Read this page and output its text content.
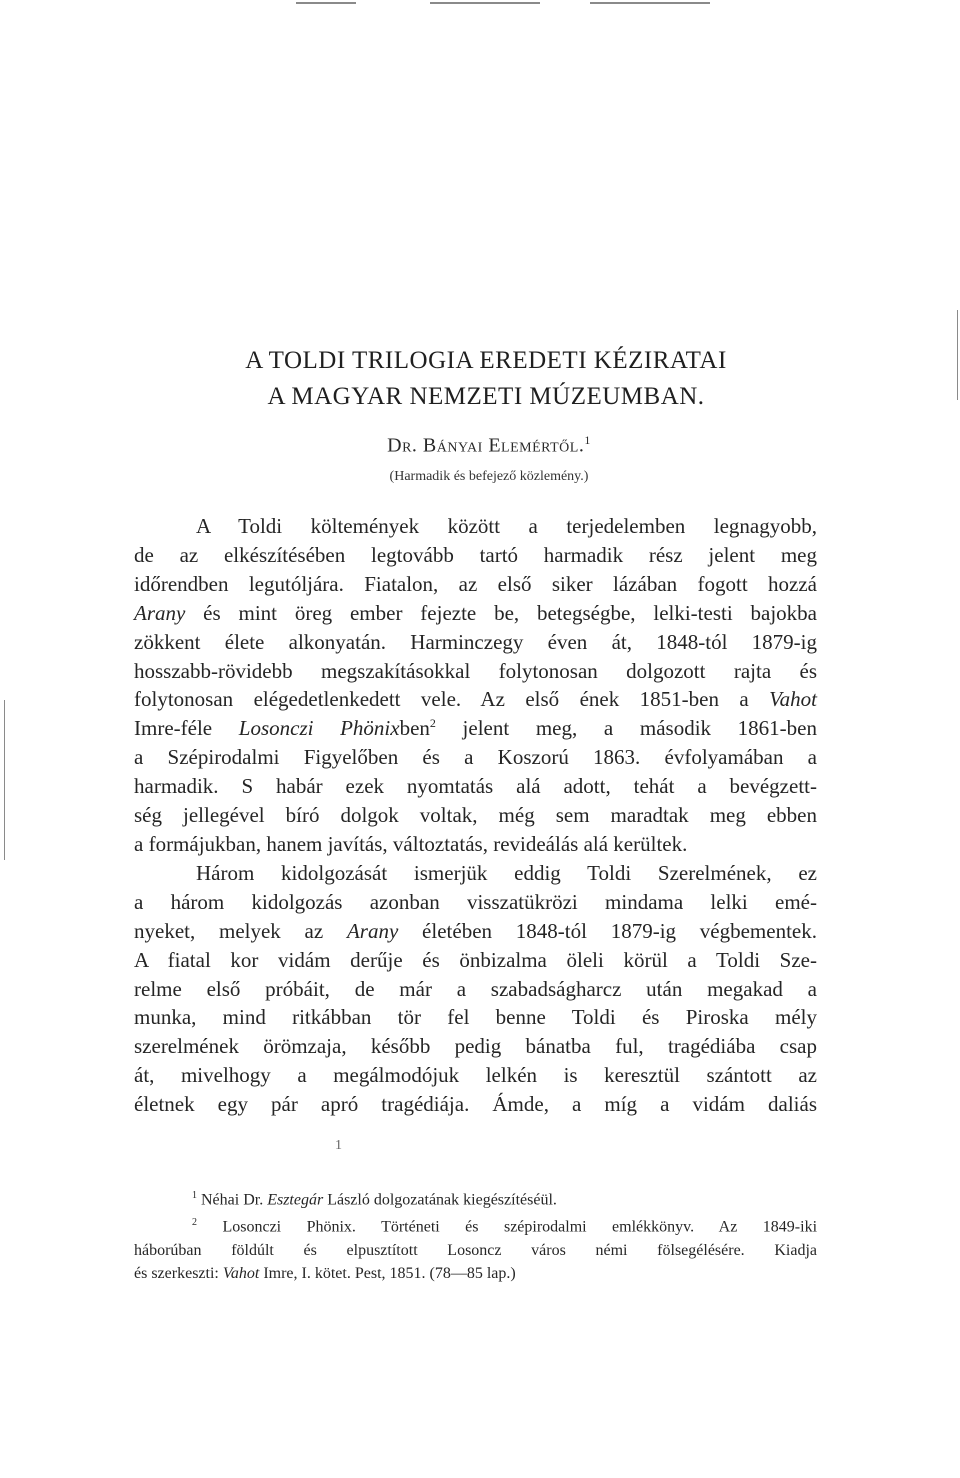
A TOLDI TRILOGIA EREDETI KÉZIRATAI
A MAGYAR NEMZETI MÚZEUMBAN.
Dr. Bányai Elemértől.$^1$
(Harmadik és befejező közlemény.)

A Toldi költemények között a terjedelemben legnagyobb,
de az elkészítésében legtovább tartó harmadik rész jelent meg
időrendben legutóljára. Fiatalon, az első siker lázában fogott hozzá
Arany és mint öreg ember fejezte be, betegségbe, lelki-testi bajokba
zökkent élete alkonyatán. Harminczegy éven át, 1848-tól 1879-ig
hosszabb-rövidebb megszakításokkal folytonosan dolgozott rajta és
folytonosan elégedetlenkedett vele. Az első ének 1851-ben a Vahot
Imre-féle Losonczi Phönixben$^2$ jelent meg, a második 1861-ben
a Szépirodalmi Figyelőben és a Koszorú 1863. évfolyamában a
harmadik. S habár ezek nyomtatás alá adott, tehát a bevégzett-
ség jellegével bíró dolgok voltak, még sem maradtak meg ebben
a formájukban, hanem javítás, változtatás, revideálás alá kerültek.

Három kidolgozását ismerjük eddig Toldi Szerelmének, ez
a három kidolgozás azonban visszatükrözi mindama lelki emé-
nyeket, melyek az Arany életében 1848-tól 1879-ig végbementek.
A fiatal kor vidám derűje és önbizalma öleli körül a Toldi Sze-
relme első próbáit, de már a szabadságharcz után megakad a
munka, mind ritkábban tör fel benne Toldi és Piroska mély
szerelmének örömzaja, később pedig bánatba ful, tragédiába csap
át, mivelhogy a megálmodójuk lelkén is keresztül szántott az
életnek egy pár apró tragédiája. Ámde, a míg a vidám daliás

1
$^1$ Néhai Dr. Esztegár László dolgozatának kiegészítéséül.
$^2$ Losonczi Phönix. Történeti és szépirodalmi emlékkönyv. Az 1849-iki
háborúban földúlt és elpusztított Losoncz város némi fölsegélésére. Kiadja
és szerkeszti: Vahot Imre, I. kötet. Pest, 1851. (78—85 lap.)
